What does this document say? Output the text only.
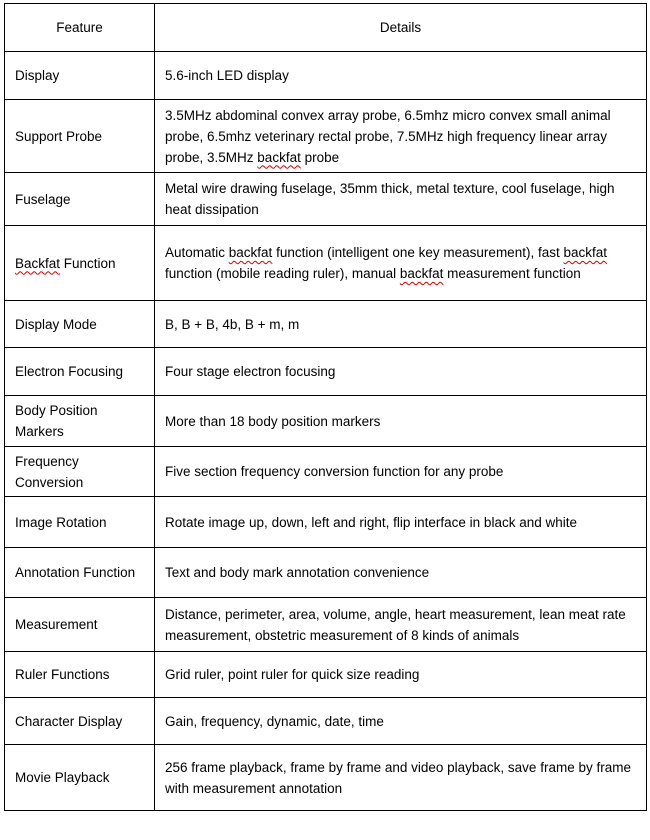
Feature	Details
Display	5.6-inch LED display
Support Probe	3.5MHz abdominal convex array probe, 6.5mhz micro convex small animal probe, 6.5mhz veterinary rectal probe, 7.5MHz high frequency linear array probe, 3.5MHz backfat probe
Fuselage	Metal wire drawing fuselage, 35mm thick, metal texture, cool fuselage, high heat dissipation
Backfat Function	Automatic backfat function (intelligent one key measurement), fast backfat function (mobile reading ruler), manual backfat measurement function
Display Mode	B, B + B, 4b, B + m, m
Electron Focusing	Four stage electron focusing
Body Position Markers	More than 18 body position markers
Frequency Conversion	Five section frequency conversion function for any probe
Image Rotation	Rotate image up, down, left and right, flip interface in black and white
Annotation Function	Text and body mark annotation convenience
Measurement	Distance, perimeter, area, volume, angle, heart measurement, lean meat rate measurement, obstetric measurement of 8 kinds of animals
Ruler Functions	Grid ruler, point ruler for quick size reading
Character Display	Gain, frequency, dynamic, date, time
Movie Playback	256 frame playback, frame by frame and video playback, save frame by frame with measurement annotation
